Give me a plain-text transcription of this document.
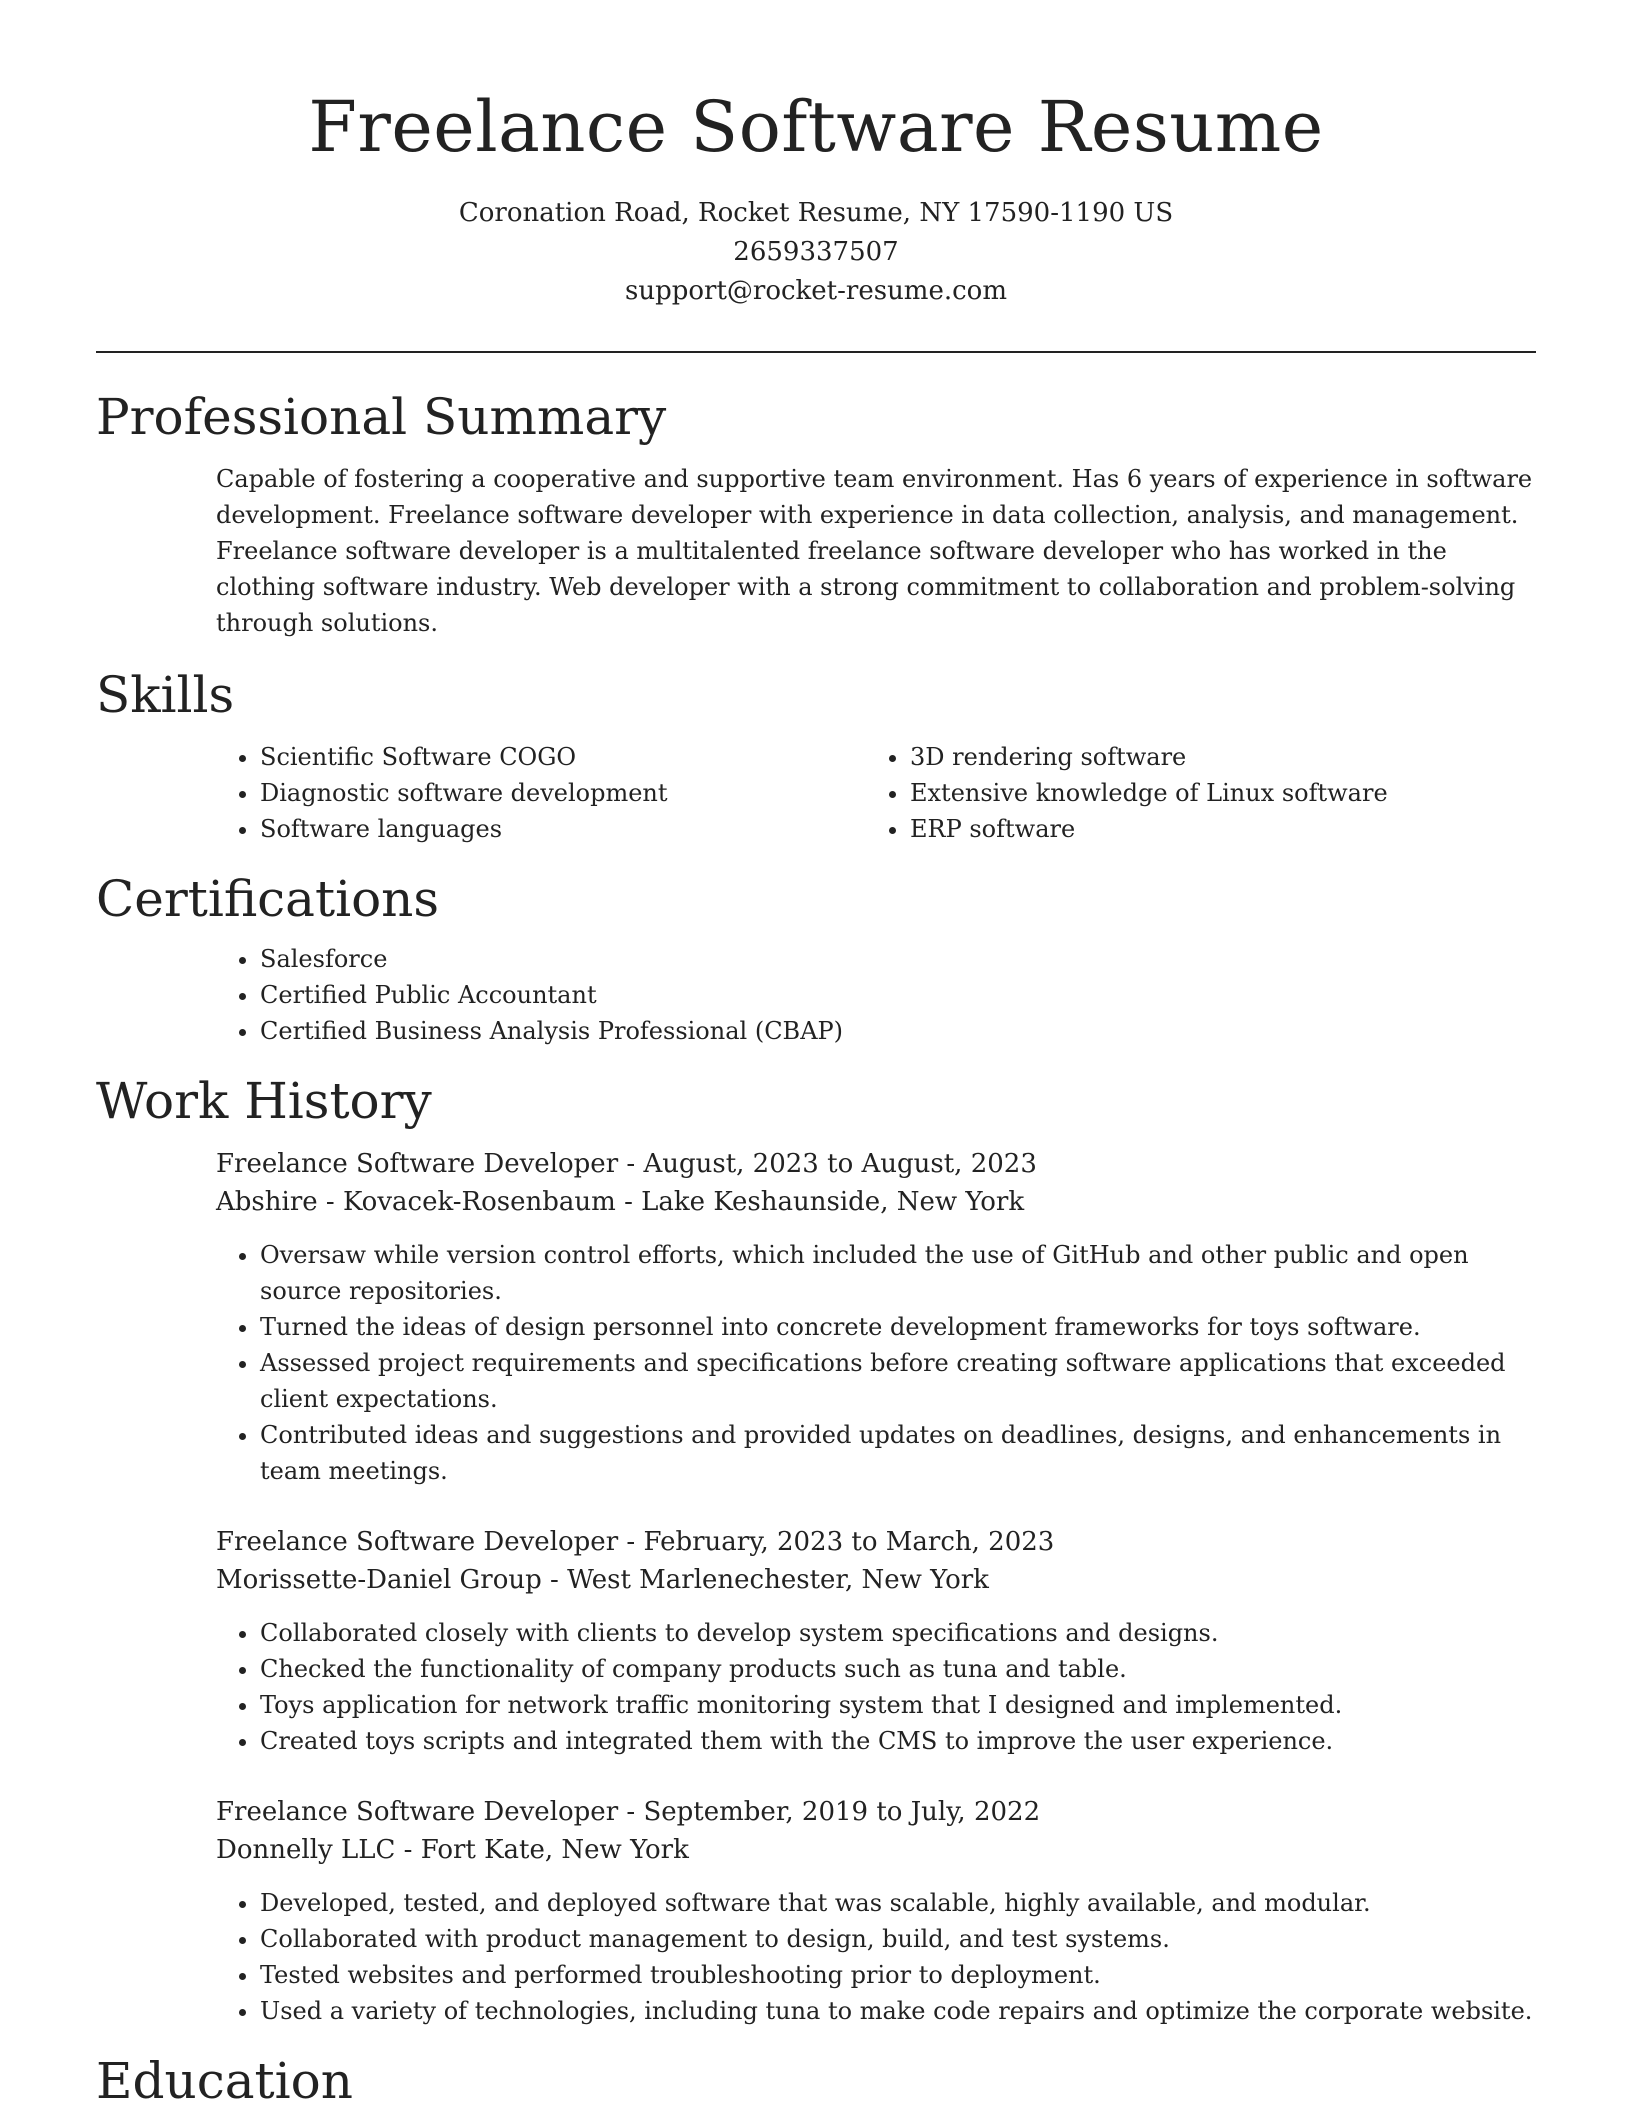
Freelance Software Resume
Coronation Road, Rocket Resume, NY 17590-1190 US
2659337507
support@rocket-resume.com
Professional Summary

Capable of fostering a cooperative and supportive team environment. Has 6 years of experience in software development. Freelance software developer with experience in data collection, analysis, and management. Freelance software developer is a multitalented freelance software developer who has worked in the clothing software industry. Web developer with a strong commitment to collaboration and problem-solving through solutions.

Skills
• Scientific Software COGO
• Diagnostic software development
• Software languages
• 3D rendering software
• Extensive knowledge of Linux software
• ERP software
Certifications
• Salesforce
• Certified Public Accountant
• Certified Business Analysis Professional (CBAP)
Work History
Freelance Software Developer - August, 2023 to August, 2023
Abshire - Kovacek-Rosenbaum - Lake Keshaunside, New York
• Oversaw while version control efforts, which included the use of GitHub and other public and open source repositories.
• Turned the ideas of design personnel into concrete development frameworks for toys software.
• Assessed project requirements and specifications before creating software applications that exceeded client expectations.
• Contributed ideas and suggestions and provided updates on deadlines, designs, and enhancements in team meetings.
Freelance Software Developer - February, 2023 to March, 2023
Morissette-Daniel Group - West Marlenechester, New York
• Collaborated closely with clients to develop system specifications and designs.
• Checked the functionality of company products such as tuna and table.
• Toys application for network traffic monitoring system that I designed and implemented.
• Created toys scripts and integrated them with the CMS to improve the user experience.
Freelance Software Developer - September, 2019 to July, 2022
Donnelly LLC - Fort Kate, New York
• Developed, tested, and deployed software that was scalable, highly available, and modular.
• Collaborated with product management to design, build, and test systems.
• Tested websites and performed troubleshooting prior to deployment.
• Used a variety of technologies, including tuna to make code repairs and optimize the corporate website.
Education
